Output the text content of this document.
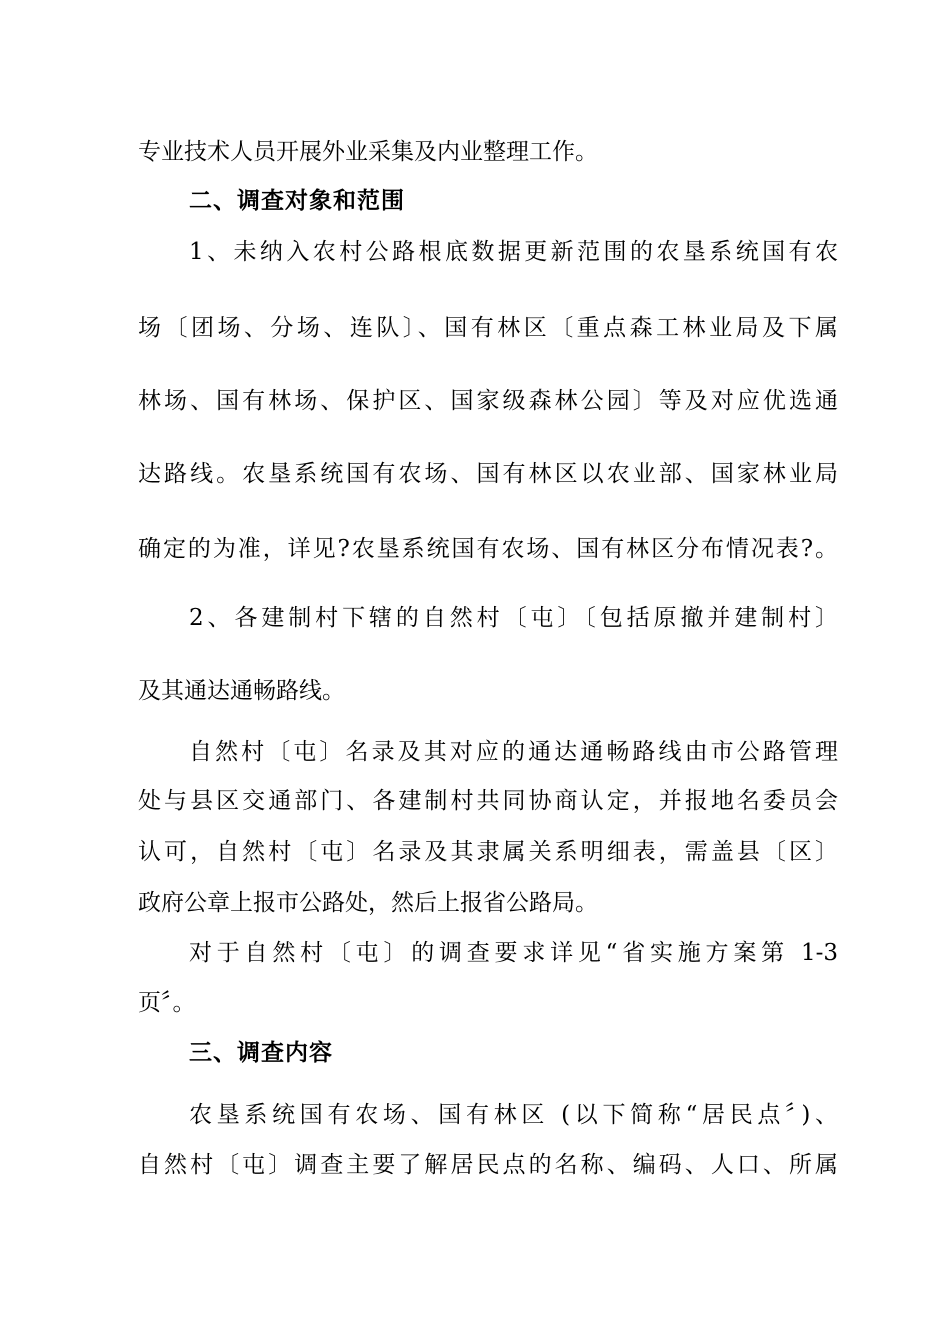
专业技术人员开展外业采集及内业整理工作。

二、调查对象和范围

1、未纳入农村公路根底数据更新范围的农垦系统国有农

场〔团场、分场、连队〕、国有林区〔重点森工林业局及下属

林场、国有林场、保护区、国家级森林公园〕等及对应优选通

达路线。农垦系统国有农场、国有林区以农业部、国家林业局

确定的为准，详见?农垦系统国有农场、国有林区分布情况表?。

2、各建制村下辖的自然村〔屯〕〔包括原撤并建制村〕

及其通达通畅路线。

自然村〔屯〕名录及其对应的通达通畅路线由市公路管理

处与县区交通部门、各建制村共同协商认定，并报地名委员会

认可，自然村〔屯〕名录及其隶属关系明细表，需盖县〔区〕

政府公章上报市公路处，然后上报省公路局。

对于自然村〔屯〕的调查要求详见“省实施方案第 1-3

页〞。

三、调查内容

农垦系统国有农场、国有林区 (以下简称“居民点〞)、

自然村〔屯〕调查主要了解居民点的名称、编码、人口、所属
